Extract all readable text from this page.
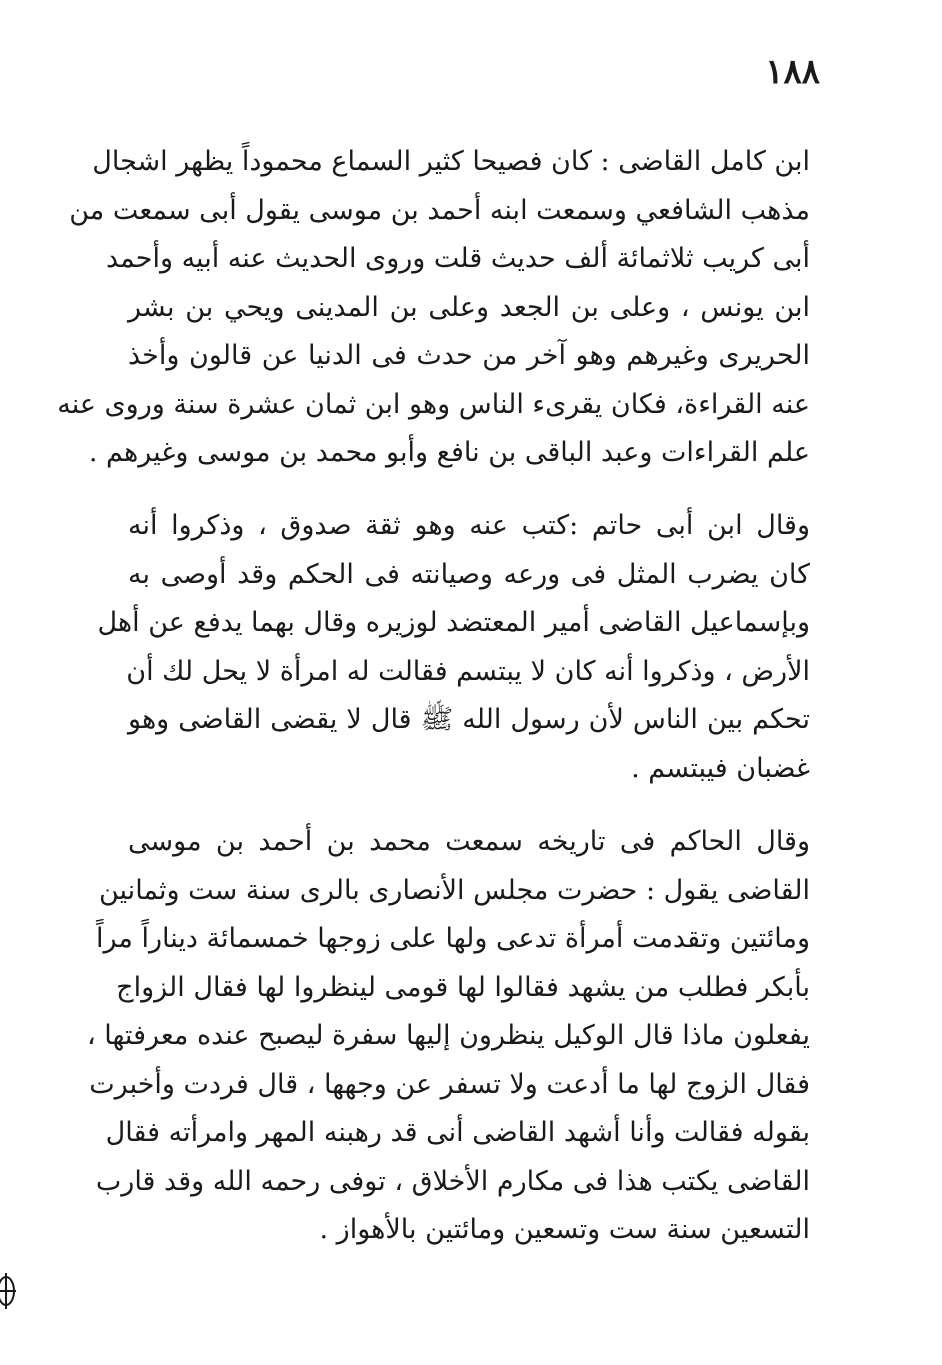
١٨٨
ابن كامل القاضى : كان فصيحا كثير السماع محموداً يظهر اشجال
مذهب الشافعي وسمعت ابنه أحمد بن موسى يقول أبى سمعت من
أبى كريب ثلاثمائة ألف حديث قلت وروى الحديث عنه أبيه وأحمد
ابن يونس ، وعلى بن الجعد وعلى بن المدينى ويحي بن بشر
الحريرى وغيرهم وهو آخر من حدث فى الدنيا عن قالون وأخذ
عنه القراءة، فكان يقرىء الناس وهو ابن ثمان عشرة سنة وروى عنه
علم القراءات وعبد الباقى بن نافع وأبو محمد بن موسى وغيرهم .
وقال ابن أبى حاتم :كتب عنه وهو ثقة صدوق ، وذكروا أنه
كان يضرب المثل فى ورعه وصيانته فى الحكم وقد أوصى به
وبإسماعيل القاضى أمير المعتضد لوزيره وقال بهما يدفع عن أهل
الأرض ، وذكروا أنه كان لا يبتسم فقالت له امرأة لا يحل لك أن
تحكم بين الناس لأن رسول الله ﷺ قال لا يقضى القاضى وهو
غضبان فيبتسم .
وقال الحاكم فى تاريخه سمعت محمد بن أحمد بن موسى
القاضى يقول : حضرت مجلس الأنصارى بالرى سنة ست وثمانين
ومائتين وتقدمت أمرأة تدعى ولها على زوجها خمسمائة ديناراً مراً
بأبكر فطلب من يشهد فقالوا لها قومى لينظروا لها فقال الزواج
يفعلون ماذا قال الوكيل ينظرون إليها سفرة ليصبح عنده معرفتها ،
فقال الزوج لها ما أدعت ولا تسفر عن وجهها ، قال فردت وأخبرت
بقوله فقالت وأنا أشهد القاضى أنى قد رهبنه المهر وامرأته فقال
القاضى يكتب هذا فى مكارم الأخلاق ، توفى رحمه الله وقد قارب
التسعين سنة ست وتسعين ومائتين بالأهواز .
